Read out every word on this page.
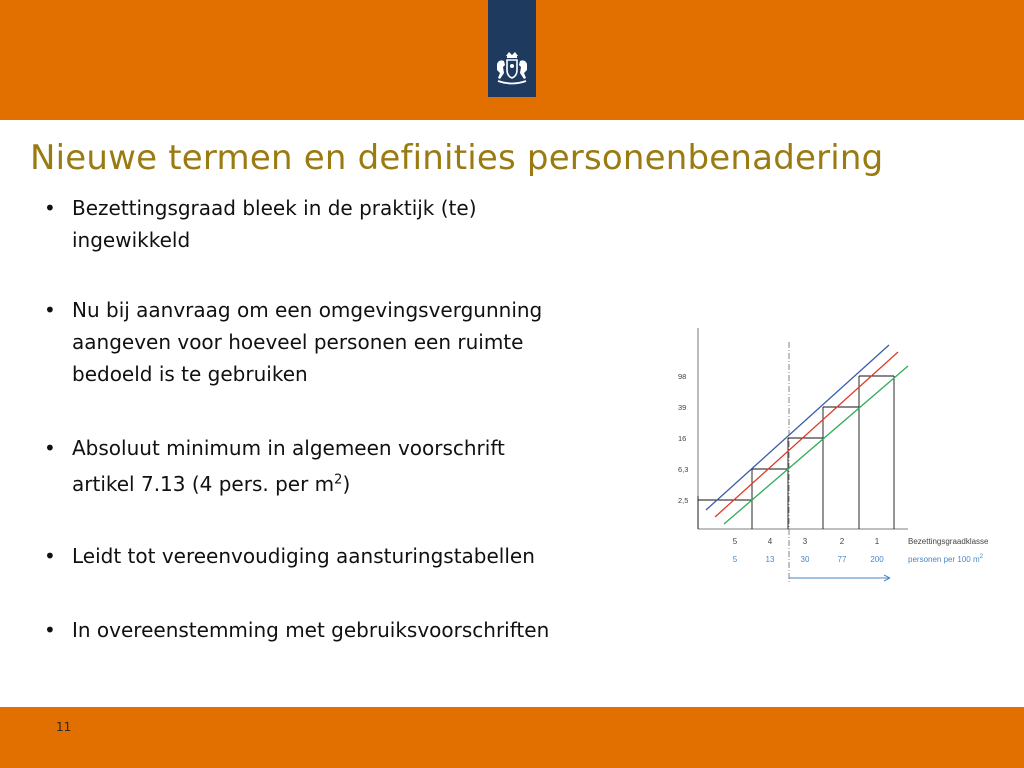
Nieuwe termen en definities personenbenadering
• Bezettingsgraad bleek in de praktijk (te)
ingewikkeld
• Nu bij aanvraag om een omgevingsvergunning
aangeven voor hoeveel personen een ruimte
bedoeld is te gebruiken
• Absoluut minimum in algemeen voorschrift
artikel 7.13 (4 pers. per $m^2$)
• Leidt tot vereenvoudiging aansturingstabellen
• In overeenstemming met gebruiksvoorschriften
2,5
6,3
16
39
98
5	4	3	2	1
5	13	30	77	200
Bezettingsgraadklasse
personen per 100 $m^2$
11
